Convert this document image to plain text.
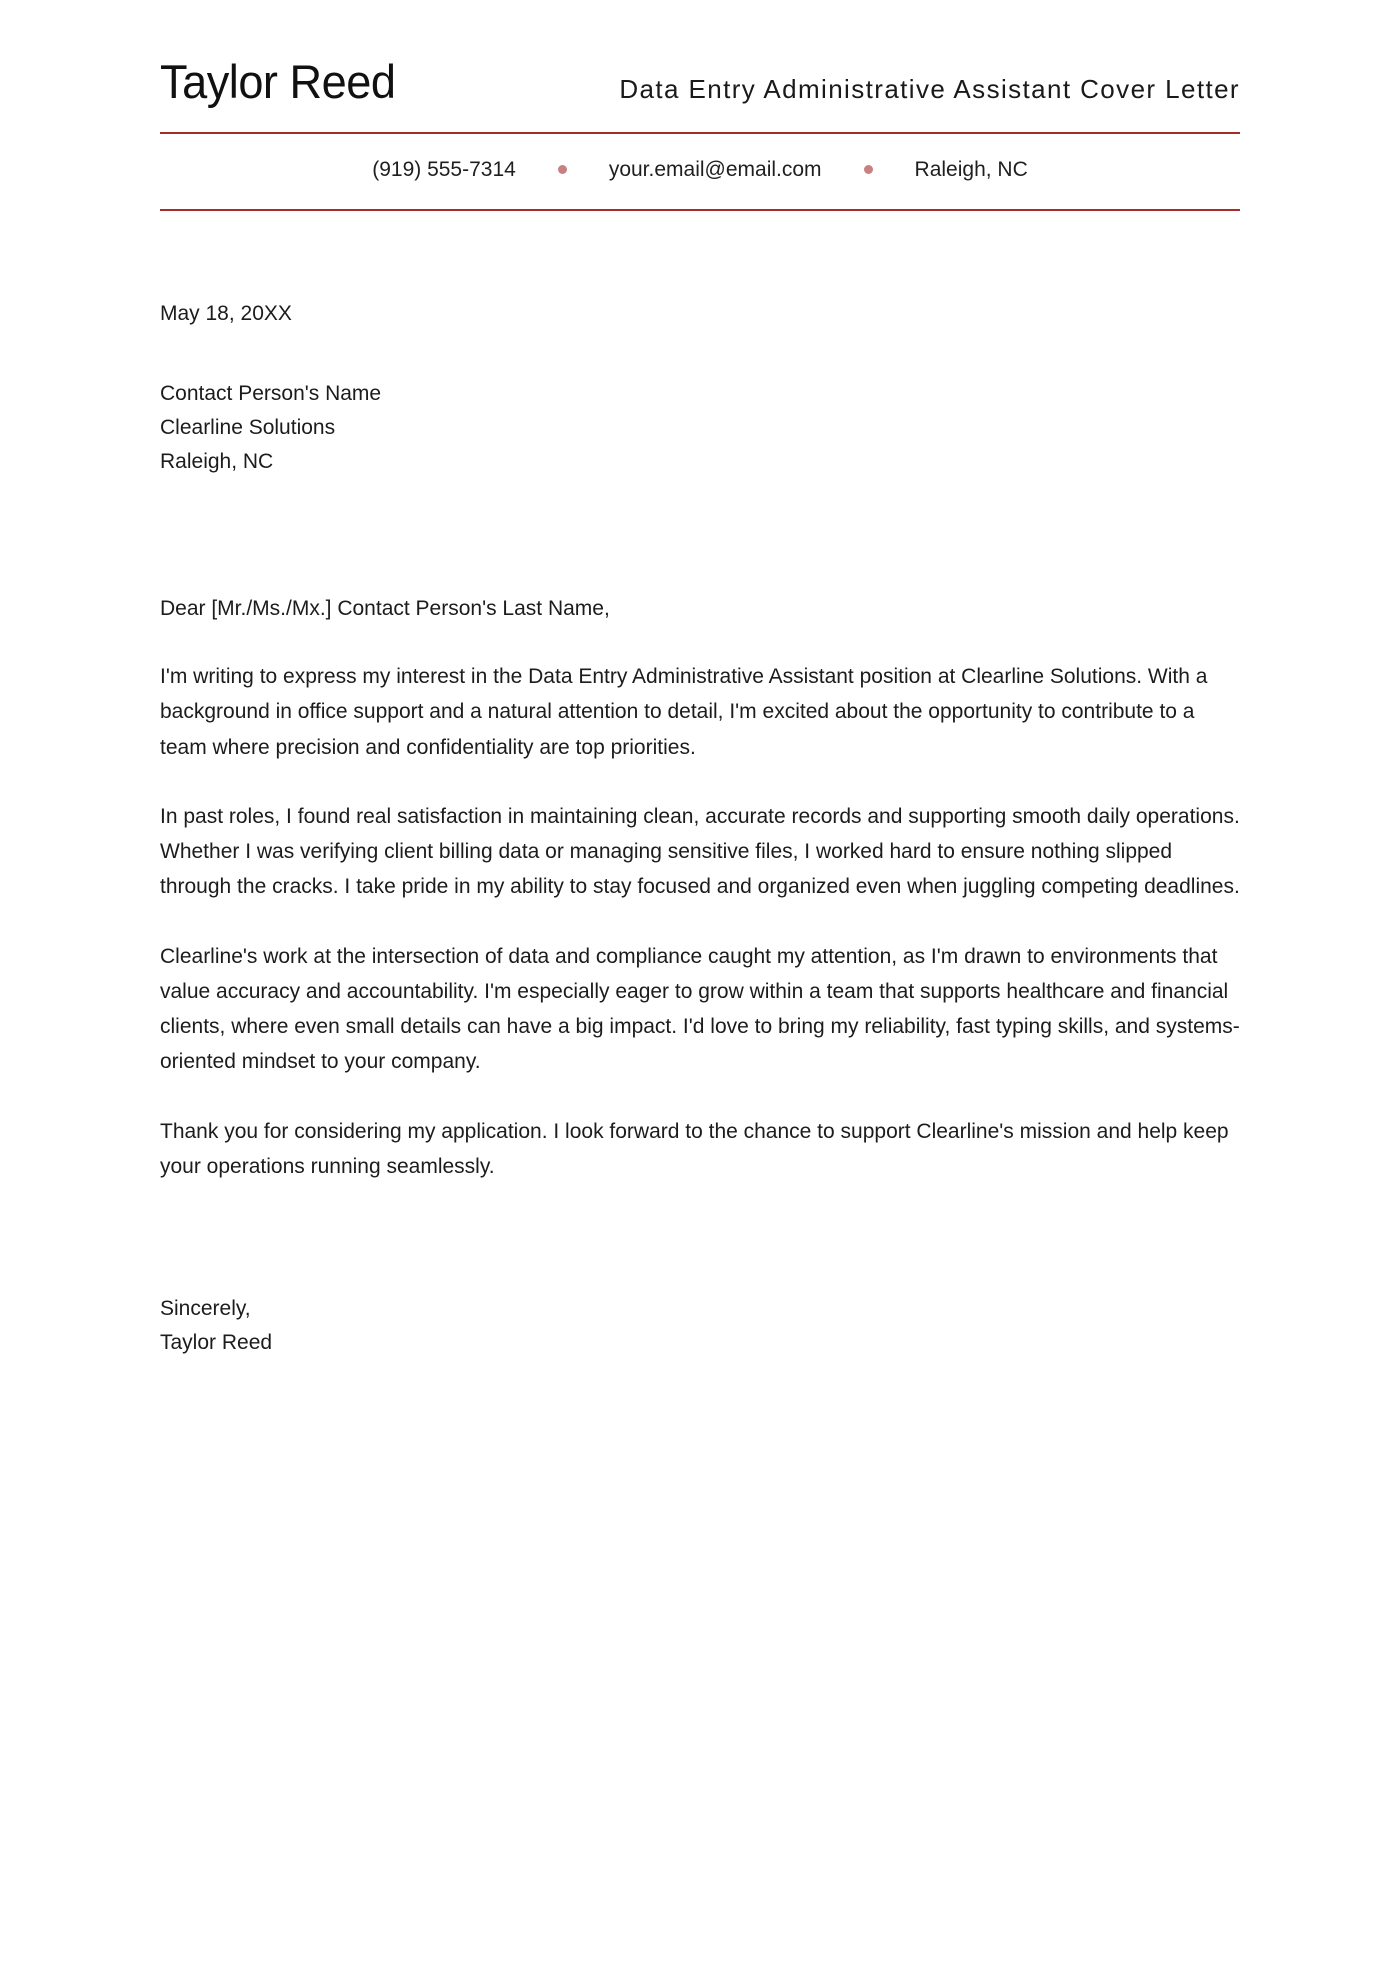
Taylor Reed	Data Entry Administrative Assistant Cover Letter
(919) 555-7314	your.email@email.com	Raleigh, NC
May 18, 20XX
Contact Person's Name
Clearline Solutions
Raleigh, NC
Dear [Mr./Ms./Mx.] Contact Person's Last Name,

I'm writing to express my interest in the Data Entry Administrative Assistant position at Clearline Solutions. With a background in office support and a natural attention to detail, I'm excited about the opportunity to contribute to a team where precision and confidentiality are top priorities.

In past roles, I found real satisfaction in maintaining clean, accurate records and supporting smooth daily operations. Whether I was verifying client billing data or managing sensitive files, I worked hard to ensure nothing slipped through the cracks. I take pride in my ability to stay focused and organized even when juggling competing deadlines.

Clearline's work at the intersection of data and compliance caught my attention, as I'm drawn to environments that value accuracy and accountability. I'm especially eager to grow within a team that supports healthcare and financial clients, where even small details can have a big impact. I'd love to bring my reliability, fast typing skills, and systems-oriented mindset to your company.

Thank you for considering my application. I look forward to the chance to support Clearline's mission and help keep your operations running seamlessly.

Sincerely,
Taylor Reed
